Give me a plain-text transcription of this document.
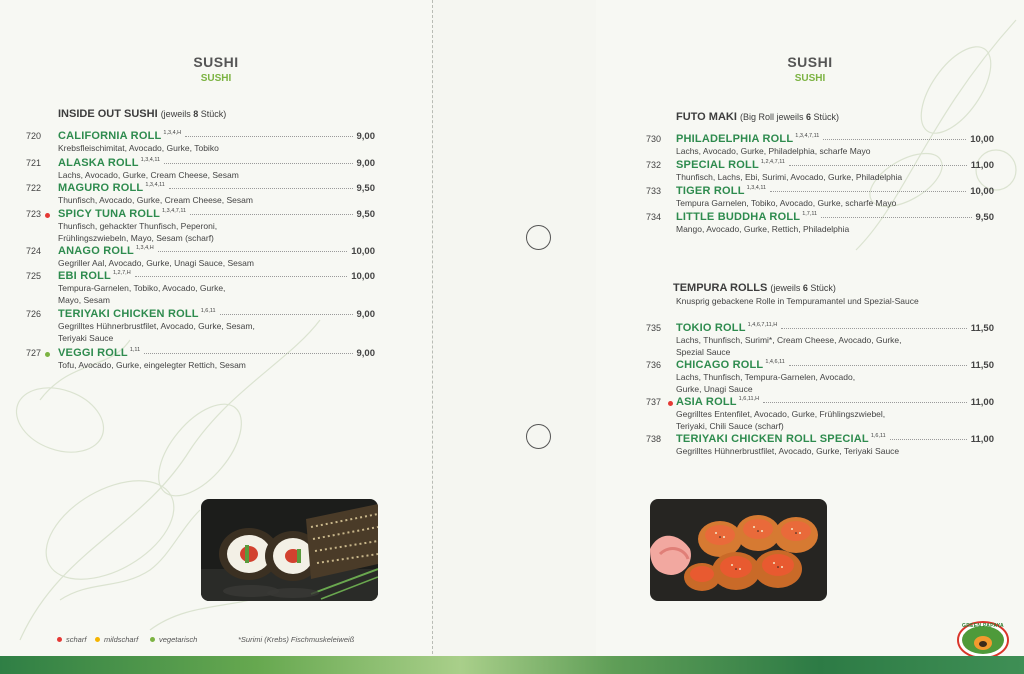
SUSHI
SUSHI
INSIDE OUT SUSHI (jeweils 8 Stück)
720 CALIFORNIA ROLL 1,3,4,H	9,00
Krebsfleischimitat, Avocado, Gurke, Tobiko
721 ALASKA ROLL 1,3,4,11	9,00
Lachs, Avocado, Gurke, Cream Cheese, Sesam
722 MAGURO ROLL 1,3,4,11	9,50
Thunfisch, Avocado, Gurke, Cream Cheese, Sesam
723 SPICY TUNA ROLL 1,3,4,7,11	9,50
Thunfisch, gehackter Thunfisch, Peperoni,
Frühlingszwiebeln, Mayo, Sesam (scharf)
724 ANAGO ROLL 1,3,4,H	10,00
Gegriller Aal, Avocado, Gurke, Unagi Sauce, Sesam
725 EBI ROLL 1,2,7,H	10,00
Tempura-Garnelen, Tobiko, Avocado, Gurke,
Mayo, Sesam
726 TERIYAKI CHICKEN ROLL 1,6,11	9,00
Gegrilltes Hühnerbrustfilet, Avocado, Gurke, Sesam,
Teriyaki Sauce
727 VEGGI ROLL 1,11	9,00
Tofu, Avocado, Gurke, eingelegter Rettich, Sesam
scharf mildscharf	vegetarisch	*Surimi (Krebs) Fischmuskeleiweiß
SUSHI
SUSHI
FUTO MAKI (Big Roll jeweils 6 Stück)
730 PHILADELPHIA ROLL 1,3,4,7,11	10,00
Lachs, Avocado, Gurke, Philadelphia, scharfe Mayo
732 SPECIAL ROLL 1,2,4,7,11	11,00
Thunfisch, Lachs, Ebi, Surimi, Avocado, Gurke, Philadelphia
733 TIGER ROLL 1,3,4,11	10,00
Tempura Garnelen, Tobiko, Avocado, Gurke, scharfe Mayo
734 LITTLE BUDDHA ROLL 1,7,11	9,50
Mango, Avocado, Gurke, Rettich, Philadelphia
TEMPURA ROLLS (jeweils 6 Stück)
Knusprig gebackene Rolle in Tempuramantel und Spezial-Sauce
735 TOKIO ROLL 1,4,6,7,11,H	11,50
Lachs, Thunfisch, Surimi*, Cream Cheese, Avocado, Gurke,
Spezial Sauce
736 CHICAGO ROLL 1,4,6,11	11,50
Lachs, Thunfisch, Tempura-Garnelen, Avocado,
Gurke, Unagi Sauce
737 ASIA ROLL 1,6,11,H	11,00
Gegrilltes Entenfilet, Avocado, Gurke, Frühlingszwiebel,
Teriyaki, Chili Sauce (scharf)
738 TERIYAKI CHICKEN ROLL SPECIAL 1,6,11	11,00
Gegrilltes Hühnerbrustfilet, Avocado, Gurke, Teriyaki Sauce
GREEN PAPAYA
